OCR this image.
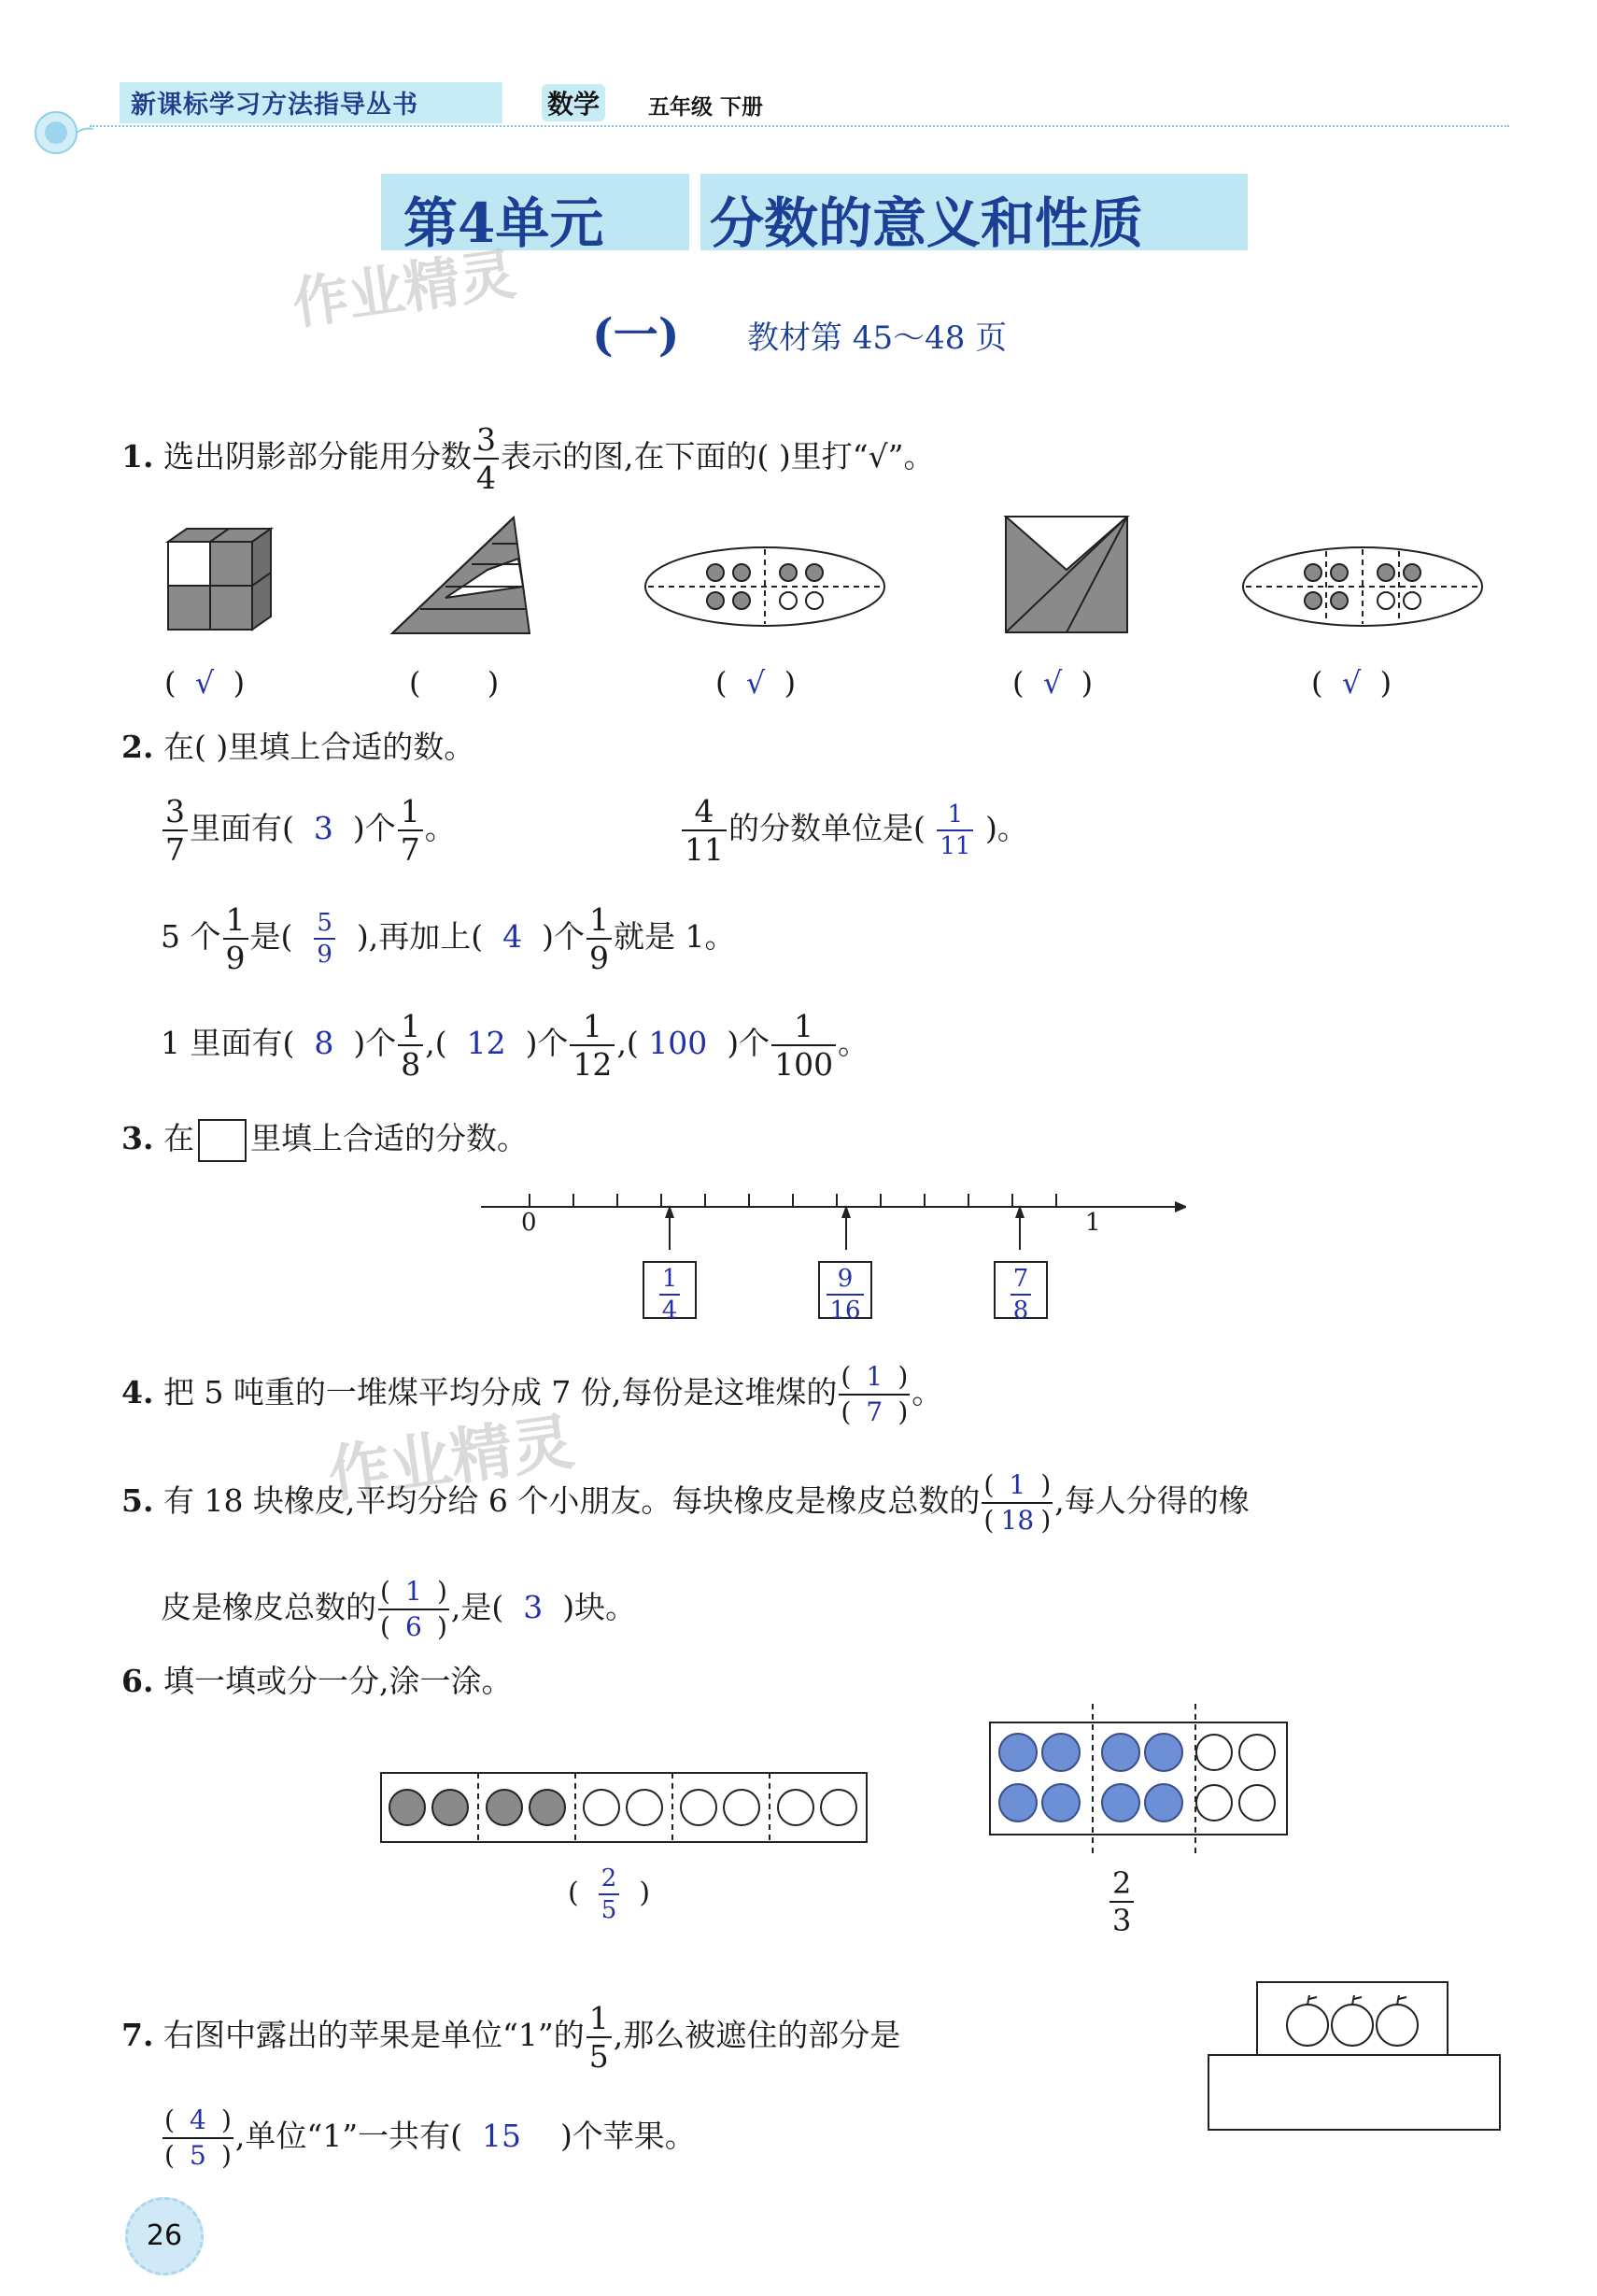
新课标学习方法指导丛书	数学 五年级 下册
第4单元 分数的意义和性质
作业精灵 (一) 教材第 45～48 页
1. 选出阴影部分能用分数 $\frac{3}{4}$ 表示的图,在下面的( )里打“√”。
(  √  )	(       )	(  √  )	(  √  )	(  √  )
2. 在( )里填上合适的数。
$\frac{3}{7}$ 里面有( 3 )个 $\frac{1}{7}$ 。	$\frac{4}{11}$ 的分数单位是( $\frac{1}{11}$ )。
5 个 $\frac{1}{9}$ 是( $\frac{5}{9}$ ),再加上( 4 )个 $\frac{1}{9}$ 就是 1。
1 里面有( 8 )个 $\frac{1}{8}$ ,( 12 )个 $\frac{1}{12}$ ,( 100 )个 $\frac{1}{100}$ 。
3. 在 里填上合适的分数。
0	1
$\frac{1}{4}$	$\frac{9}{16}$	$\frac{7}{8}$
4. 把 5 吨重的一堆煤平均分成 7 份,每份是这堆煤的 $\frac{( 1 )}{( 7 )}$ 。
作业精灵
5. 有 18 块橡皮,平均分给 6 个小朋友。每块橡皮是橡皮总数的 $\frac{( 1 )}{( 18 )}$ ,每人分得的橡
皮是橡皮总数的 $\frac{( 1 )}{( 6 )}$ ,是( 3 )块。
6. 填一填或分一分,涂一涂。
( $\frac{2}{5}$ )	$\frac{2}{3}$
7. 右图中露出的苹果是单位“1”的 $\frac{1}{5}$ ,那么被遮住的部分是
$\frac{( 4 )}{( 5 )}$ ,单位“1”一共有( 15 )个苹果。
26
